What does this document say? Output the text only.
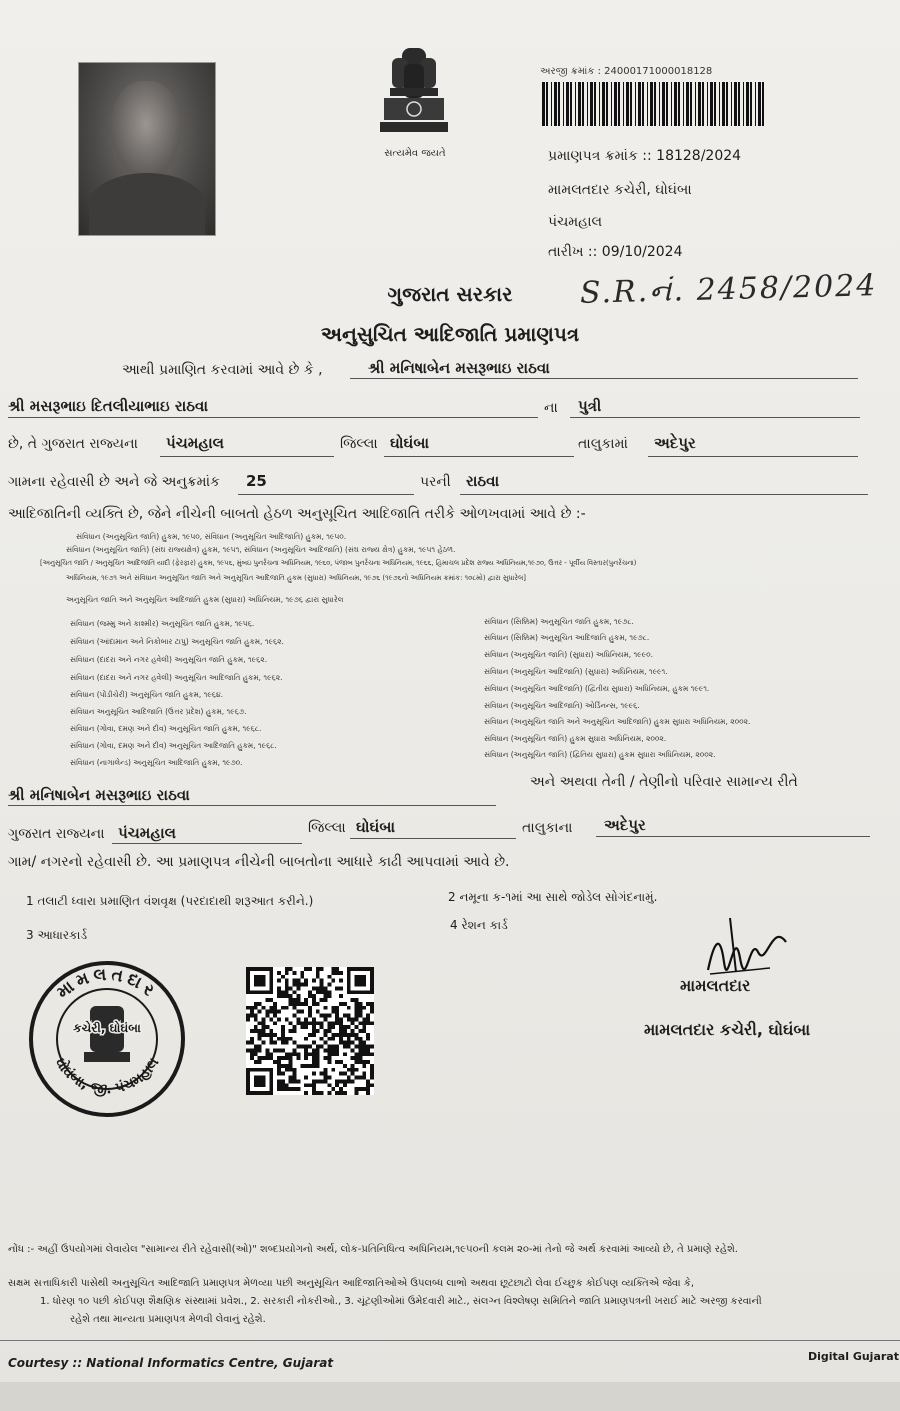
સત્યમેવ જયતે
અરજી ક્રમાંક : 24000171000018128
પ્રમાણપત્ર ક્રમાંક :: 18128/2024
મામલતદાર કચેરી, ઘોઘંબા
પંચમહાલ
તારીખ :: 09/10/2024
ગુજરાત સરકાર	S.R.નં. 2458/2024
અનુસુચિત આદિજાતિ પ્રમાણપત્ર
આથી પ્રમાણિત કરવામાં આવે છે કે ,	શ્રી મનિષાબેન મસરૂભાઇ રાઠવા
શ્રી મસરૂભાઇ દિતલીયાભાઇ રાઠવા	ના પુત્રી
છે, તે ગુજરાત રાજ્યના પંચમહાલ	જિલ્લા ઘોઘંબા	તાલુકામાં અદેપુર
ગામના રહેવાસી છે અને જે અનુક્રમાંક 25	પરની રાઠવા
આદિજાતિની વ્યક્તિ છે, જેને નીચેની બાબતો હેઠળ અનુસૂચિત આદિજાતિ તરીકે ઓળખવામાં આવે છે :-
સંવિધાન (અનુસૂચિત જાતિ) હુકમ, ૧૯૫૦, સંવિધાન (અનુસૂચિત આદિજાતિ) હુકમ, ૧૯૫૦.
સંવિધાન (અનુસૂચિત જાતિ) (સંઘ રાજ્યક્ષેત્ર) હુકમ, ૧૯૫૧, સંવિધાન (અનુસૂચિત આદિજાતિ) (સંઘ રાજ્ય ક્ષેત્ર) હુકમ, ૧૯૫૧ હેઠળ.
[અનુસૂચિત જાતિ / અનુસૂચિત આદિજાતિ યાદી (ફેરફાર) હુકમ, ૧૯૫૬, મુંબઇ પુનર્રચના અધિનિયમ, ૧૯૬૦, પંજાબ પુનર્રચના અધિનિયમ, ૧૯૬૬, હિમાચલ પ્રદેશ રાજ્ય અધિનિયમ,૧૯૭૦, ઉત્તર - પૂર્વીય વિસ્તાર(પુનર્રચના)
અધિનિયમ, ૧૯૭૧ અને સંવિધાન અનુસૂચિત જાતિ અને અનુસૂચિત આદિજાતિ હુકમ (સુધારા) અધિનિયમ, ૧૯૭૬ (૧૯૭૬નો અધિનિયમ ક્રમાંક: ૧૦૮મો) દ્વારા સુધારેલ]
અનુસૂચિત જાતિ અને અનુસૂચિત આદિજાતિ હુકમ (સુધારા) અધિનિયમ, ૧૯૭૬ દ્વારા સુધારેલ
સંવિધાન (જમ્મુ અને કાશ્મીર) અનુસૂચિત જાતિ હુકમ, ૧૯૫૬.
સંવિધાન (આંદામાન અને નિકોબાર ટાપુ) અનુસૂચિત જાતિ હુકમ, ૧૯૬૨.
સંવિધાન (દાદરા અને નગર હવેલી) અનુસૂચિત જાતિ હુકમ, ૧૯૬૨.
સંવિધાન (દાદરા અને નગર હવેલી) અનુસૂચિત આદિજાતિ હુકમ, ૧૯૬૨.
સંવિધાન (પોંડીચેરી) અનુસૂચિત જાતિ હુકમ, ૧૯૬૪.
સંવિધાન અનુસૂચિત આદિજાતિ (ઉત્તર પ્રદેશ) હુકમ, ૧૯૬૭.
સંવિધાન (ગોવા, દમણ અને દીવ) અનુસૂચિત જાતિ હુકમ, ૧૯૬૮.
સંવિધાન (ગોવા, દમણ અને દીવ) અનુસૂચિત આદિજાતિ હુકમ, ૧૯૬૮.
સંવિધાન (નાગાલેન્ડ) અનુસૂચિત આદિજાતિ હુકમ, ૧૯૭૦.
સંવિધાન (સિક્કિમ) અનુસૂચિત જાતિ હુકમ, ૧૯૭૮.
સંવિધાન (સિક્કિમ) અનુસૂચિત આદિજાતિ હુકમ, ૧૯૭૮.
સંવિધાન (અનુસૂચિત જાતિ) (સુધારા) અધિનિયમ, ૧૯૯૦.
સંવિધાન (અનુસૂચિત આદિજાતિ) (સુધારા) અધિનિયમ, ૧૯૯૧.
સંવિધાન (અનુસૂચિત આદિજાતિ) (દ્વિતીય સુધારા) અધિનિયમ, હુકમ ૧૯૯૧.
સંવિધાન (અનુસૂચિત આદિજાતિ) ઓર્ડિનન્સ, ૧૯૯૬.
સંવિધાન (અનુસૂચિત જાતિ અને અનુસૂચિત આદિજાતિ) હુકમ સુધારા અધિનિયમ, ૨૦૦૨.
સંવિધાન (અનુસૂચિત જાતિ) હુકમ સુધારા અધિનિયમ, ૨૦૦૨.
સંવિધાન (અનુસૂચિત જાતિ) (દ્વિતિય સુધારા) હુકમ સુધારા અધિનિયમ, ૨૦૦૨.
શ્રી મનિષાબેન મસરૂભાઇ રાઠવા
અને અથવા તેની / તેણીનો પરિવાર સામાન્ય રીતે
ગુજરાત રાજ્યના પંચમહાલ	જિલ્લા ઘોઘંબા	તાલુકાના અદેપુર
ગામ/ નગરનો રહેવાસી છે. આ પ્રમાણપત્ર નીચેની બાબતોના આધારે કાઢી આપવામાં આવે છે.
1 તલાટી ધ્વારા પ્રમાણિત વંશવૃક્ષ (પરદાદાથી શરૂઆત કરીને.)	2 નમૂના ક-૧માં આ સાથે જોડેલ સોગંદનામું.
3 આધારકાર્ડ
4 રેશન કાર્ડ
મામલતદાર
ઘોઘંબા, જી. પંચમહાલ
કચેરી, ઘોઘંબા
મામલતદાર
મામલતદાર કચેરી, ઘોઘંબા
નોંધ :- અહીં ઉપયોગમાં લેવાયેલ "સામાન્ય રીતે રહેવાસી(ઓ)" શબ્દપ્રયોગનો અર્થ, લોક-પ્રતિનિધિત્વ અધિનિયમ,૧૯૫૦ની કલમ ૨૦-માં તેનો જે અર્થ કરવામાં આવ્યો છે, તે પ્રમાણે રહેશે.
સક્ષમ સત્તાધિકારી પાસેથી અનુસૂચિત આદિજાતિ પ્રમાણપત્ર મેળવ્યા પછી અનુસૂચિત આદિજાતિઓએ ઉપલબ્ધ લાભો અથવા છૂટછાટો લેવા ઈચ્છુક કોઈપણ વ્યક્તિએ જેવા કે,
1. ધોરણ ૧૦ પછી કોઈપણ શૈક્ષણિક સંસ્થામાં પ્રવેશ., 2. સરકારી નોકરીઓ., 3. ચૂંટણીઓમાં ઉમેદવારી માટે., સંલગ્ન વિશ્લેષણ સમિતિને જાતિ પ્રમાણપત્રની ખરાઈ માટે અરજી કરવાની
રહેશે તથા માન્યતા પ્રમાણપત્ર મેળવી લેવાનું રહેશે.
Courtesy :: National Informatics Centre, Gujarat	Digital Gujarat
